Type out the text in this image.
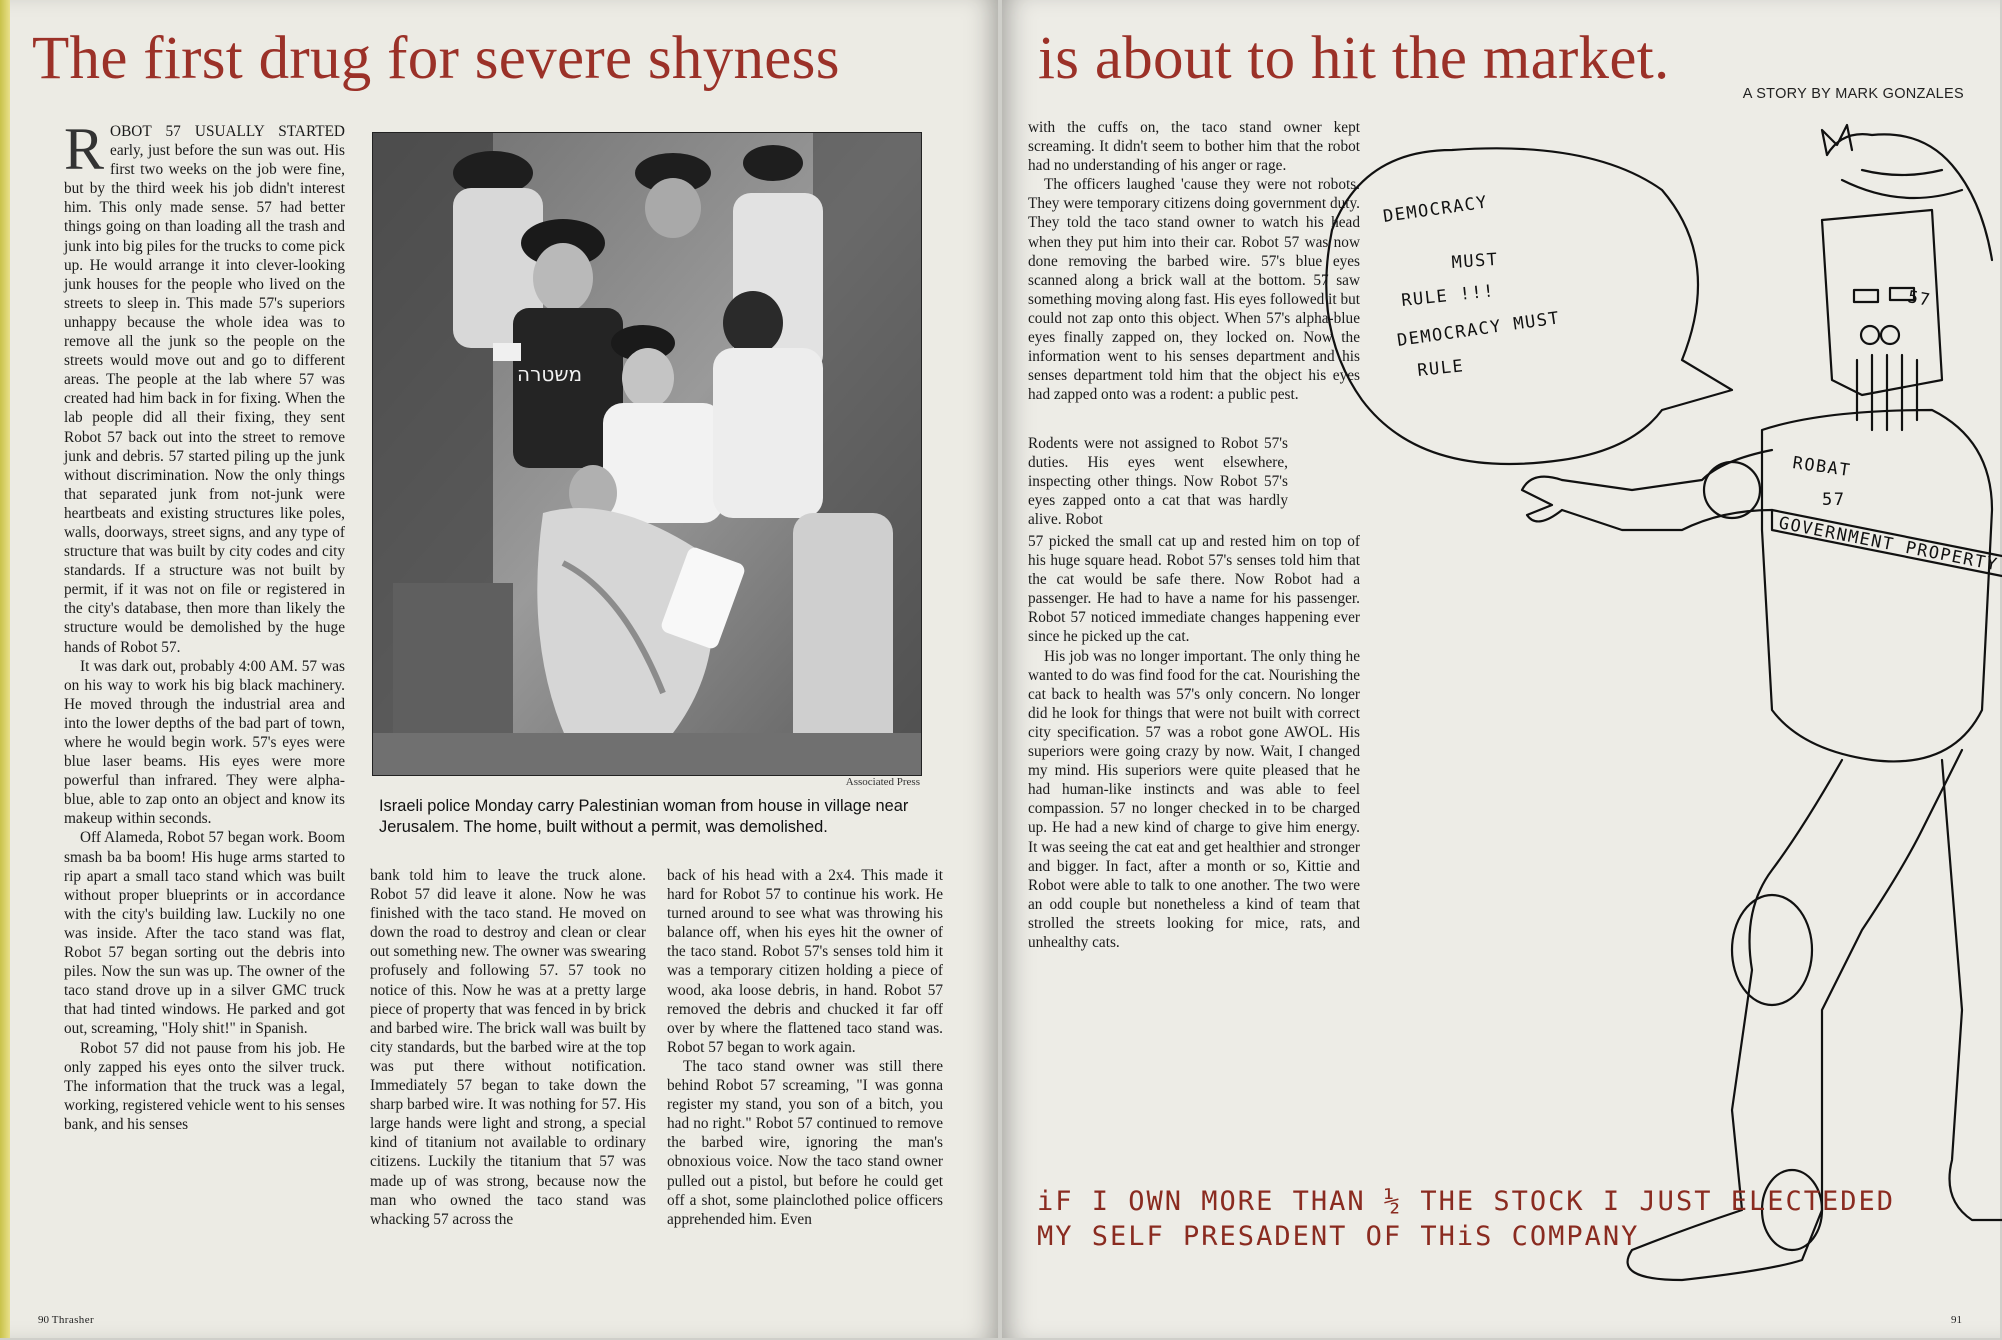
The first drug for severe shyness

ROBOT 57 USUALLY STARTED early, just before the sun was out. His first two weeks on the job were fine, but by the third week his job didn't interest him. This only made sense. 57 had better things going on than loading all the trash and junk into big piles for the trucks to come pick up. He would arrange it into clever-looking junk houses for the people who lived on the streets to sleep in. This made 57's superiors unhappy because the whole idea was to remove all the junk so the people on the streets would move out and go to different areas. The people at the lab where 57 was created had him back in for fixing. When the lab people did all their fixing, they sent Robot 57 back out into the street to remove junk and debris. 57 started piling up the junk without discrimination. Now the only things that separated junk from not-junk were heartbeats and existing structures like poles, walls, doorways, street signs, and any type of structure that was built by city codes and city standards. If a structure was not built by permit, if it was not on file or registered in the city's database, then more than likely the structure would be demolished by the huge hands of Robot 57.

It was dark out, probably 4:00 AM. 57 was on his way to work his big black machinery. He moved through the industrial area and into the lower depths of the bad part of town, where he would begin work. 57's eyes were blue laser beams. His eyes were more powerful than infrared. They were alpha-blue, able to zap onto an object and know its makeup within seconds.

Off Alameda, Robot 57 began work. Boom smash ba ba boom! His huge arms started to rip apart a small taco stand which was built without proper blueprints or in accordance with the city's building law. Luckily no one was inside. After the taco stand was flat, Robot 57 began sorting out the debris into piles. Now the sun was up. The owner of the taco stand drove up in a silver GMC truck that had tinted windows. He parked and got out, screaming, "Holy shit!" in Spanish.

Robot 57 did not pause from his job. He only zapped his eyes onto the silver truck. The information that the truck was a legal, working, registered vehicle went to his senses bank, and his senses

משטרה
Associated Press
Israeli police Monday carry Palestinian woman from house in village near Jerusalem. The home, built without a permit, was demolished.

bank told him to leave the truck alone. Robot 57 did leave it alone. Now he was finished with the taco stand. He moved on down the road to destroy and clean or clear out something new. The owner was swearing profusely and following 57. 57 took no notice of this. Now he was at a pretty large piece of property that was fenced in by brick and barbed wire. The brick wall was built by city standards, but the barbed wire at the top was put there without notification. Immediately 57 began to take down the sharp barbed wire. It was nothing for 57. His large hands were light and strong, a special kind of titanium not available to ordinary citizens. Luckily the titanium that 57 was made up of was strong, because now the man who owned the taco stand was whacking 57 across the

back of his head with a 2x4. This made it hard for Robot 57 to continue his work. He turned around to see what was throwing his balance off, when his eyes hit the owner of the taco stand. Robot 57's senses told him it was a temporary citizen holding a piece of wood, aka loose debris, in hand. Robot 57 removed the debris and chucked it far off over by where the flattened taco stand was. Robot 57 began to work again.

The taco stand owner was still there behind Robot 57 screaming, "I was gonna register my stand, you son of a bitch, you had no right." Robot 57 continued to remove the barbed wire, ignoring the man's obnoxious voice. Now the taco stand owner pulled out a pistol, but before he could get off a shot, some plainclothed police officers apprehended him. Even

90 Thrasher
is about to hit the market.
A STORY BY MARK GONZALES

with the cuffs on, the taco stand owner kept screaming. It didn't seem to bother him that the robot had no understanding of his anger or rage.

The officers laughed 'cause they were not robots. They were temporary citizens doing government duty. They told the taco stand owner to watch his head when they put him into their car. Robot 57 was now done removing the barbed wire. 57's blue eyes scanned along a brick wall at the bottom. 57 saw something moving along fast. His eyes followed it but could not zap onto this object. When 57's alpha-blue eyes finally zapped on, they locked on. Now the information went to his senses department and his senses department told him that the object his eyes had zapped onto was a rodent: a public pest.

Rodents were not assigned to Robot 57's duties. His eyes went elsewhere, inspecting other things. Now Robot 57's eyes zapped onto a cat that was hardly alive. Robot

57 picked the small cat up and rested him on top of his huge square head. Robot 57's senses told him that the cat would be safe there. Now Robot had a passenger. He had to have a name for his passenger. Robot 57 noticed immediate changes happening ever since he picked up the cat.

His job was no longer important. The only thing he wanted to do was find food for the cat. Nourishing the cat back to health was 57's only concern. No longer did he look for things that were not built with correct city specification. 57 was a robot gone AWOL. His superiors were going crazy by now. Wait, I changed my mind. His superiors were quite pleased that he had human-like instincts and was able to feel compassion. 57 no longer checked in to be charged up. He had a new kind of charge to give him energy. It was seeing the cat eat and get healthier and stronger and bigger. In fact, after a month or so, Kittie and Robot were able to talk to one another. The two were an odd couple but nonetheless a kind of team that strolled the streets looking for mice, rats, and unhealthy cats.

DEMOCRACY
MUST
RULE !!!
DEMOCRACY MUST
RULE
57
ROBAT
57
GOVERNMENT PROPERTY
iF I OWN MORE THAN ½ THE STOCK I JUST ELECTEDED
MY SELF PRESADENT OF THiS COMPANY
91
